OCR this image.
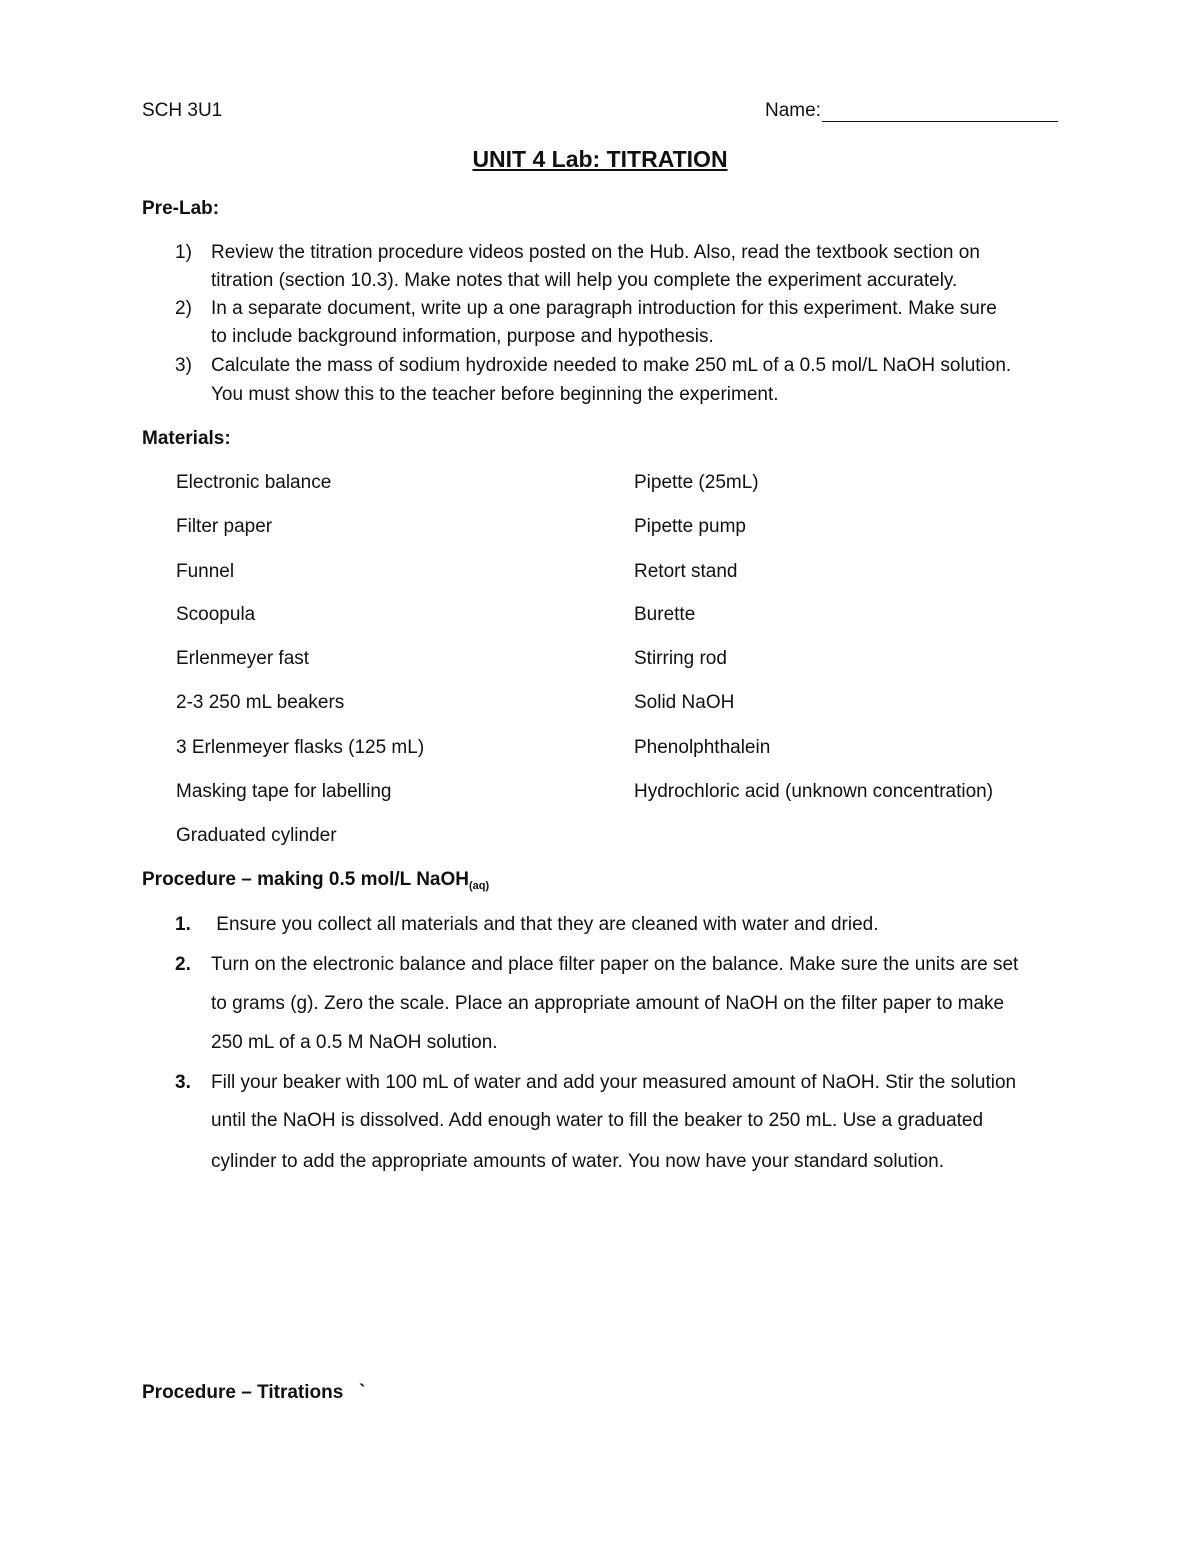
SCH 3U1	Name:
UNIT 4 Lab: TITRATION
Pre-Lab:
1) Review the titration procedure videos posted on the Hub. Also, read the textbook section on
titration (section 10.3). Make notes that will help you complete the experiment accurately.
2) In a separate document, write up a one paragraph introduction for this experiment. Make sure
to include background information, purpose and hypothesis.
3) Calculate the mass of sodium hydroxide needed to make 250 mL of a 0.5 mol/L NaOH solution.
You must show this to the teacher before beginning the experiment.
Materials:
Electronic balance
Filter paper
Funnel
Scoopula
Erlenmeyer fast
2-3 250 mL beakers
3 Erlenmeyer flasks (125 mL)
Masking tape for labelling
Graduated cylinder
Pipette (25mL)
Pipette pump
Retort stand
Burette
Stirring rod
Solid NaOH
Phenolphthalein
Hydrochloric acid (unknown concentration)
Procedure – making 0.5 mol/L NaOH$_{(aq)}$
1. Ensure you collect all materials and that they are cleaned with water and dried.
2. Turn on the electronic balance and place filter paper on the balance. Make sure the units are set
to grams (g). Zero the scale. Place an appropriate amount of NaOH on the filter paper to make
250 mL of a 0.5 M NaOH solution.
3. Fill your beaker with 100 mL of water and add your measured amount of NaOH. Stir the solution
until the NaOH is dissolved. Add enough water to fill the beaker to 250 mL. Use a graduated
cylinder to add the appropriate amounts of water. You now have your standard solution.
Procedure – Titrations   `
